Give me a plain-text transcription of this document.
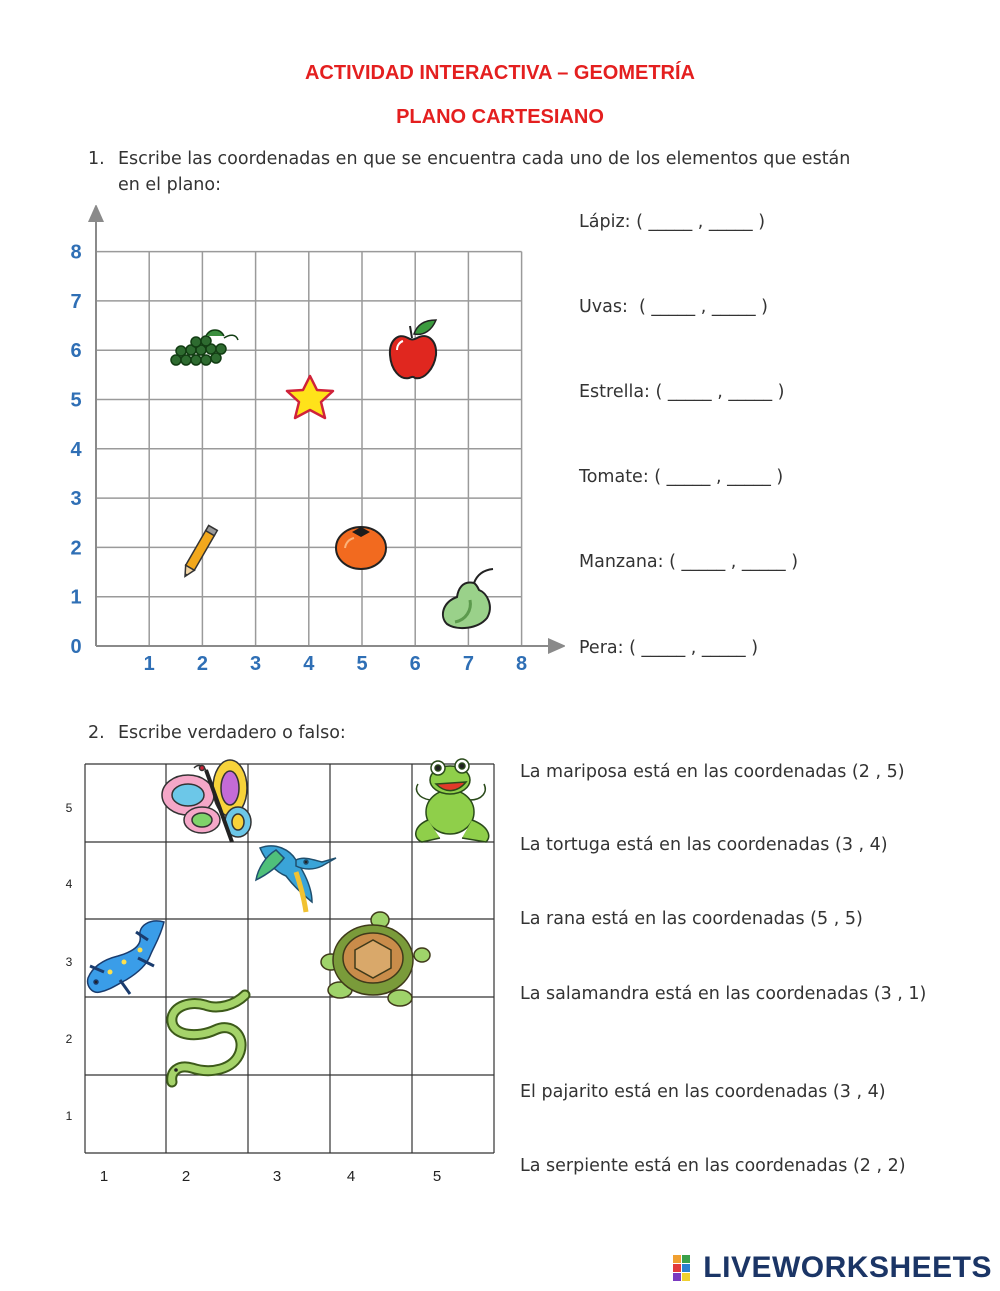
ACTIVIDAD INTERACTIVA – GEOMETRÍA
PLANO CARTESIANO
1. Escribe las coordenadas en que se encuentra cada uno de los elementos que están
en el plano:
1 2 3 4 5 6 7 8
0
1
2
3
4
5
6
7
8
Lápiz: ( _____ , _____ )
Uvas:  ( _____ , _____ )
Estrella: ( _____ , _____ )
Tomate: ( _____ , _____ )
Manzana: ( _____ , _____ )
Pera: ( _____ , _____ )
2. Escribe verdadero o falso:
1	2	3	4	5
5
4
3
2
1
La mariposa está en las coordenadas (2 , 5)
La tortuga está en las coordenadas (3 , 4)
La rana está en las coordenadas (5 , 5)
La salamandra está en las coordenadas (3 , 1)
El pajarito está en las coordenadas (3 , 4)
La serpiente está en las coordenadas (2 , 2)
LIVEWORKSHEETS
